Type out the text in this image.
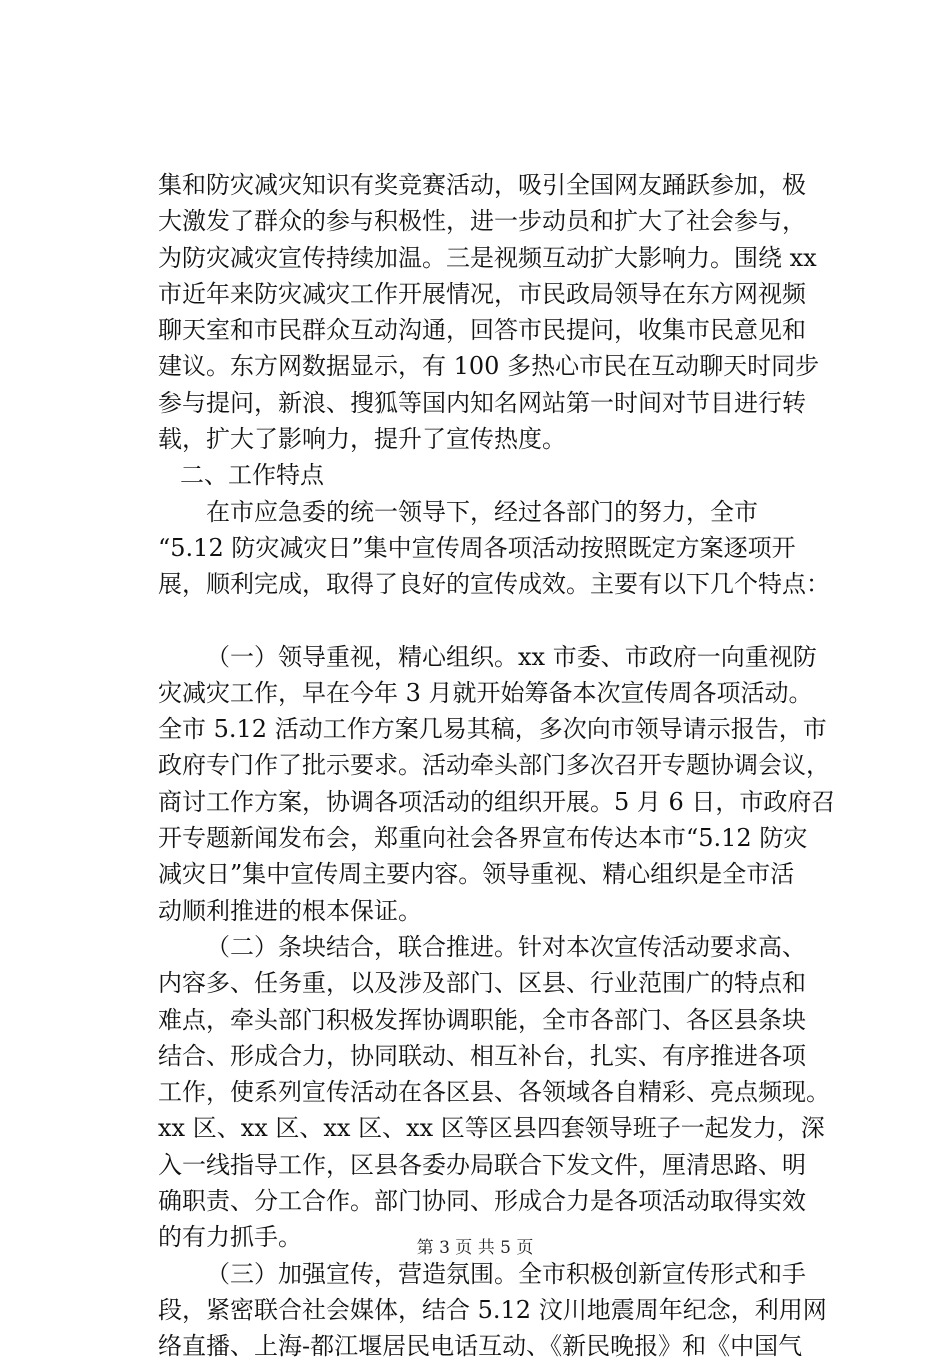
集和防灾减灾知识有奖竞赛活动，吸引全国网友踊跃参加，极
大激发了群众的参与积极性，进一步动员和扩大了社会参与，
为防灾减灾宣传持续加温。三是视频互动扩大影响力。围绕 xx
市近年来防灾减灾工作开展情况，市民政局领导在东方网视频
聊天室和市民群众互动沟通，回答市民提问，收集市民意见和
建议。东方网数据显示，有 100 多热心市民在互动聊天时同步
参与提问，新浪、搜狐等国内知名网站第一时间对节目进行转
载，扩大了影响力，提升了宣传热度。
二、工作特点
在市应急委的统一领导下，经过各部门的努力，全市
“5.12 防灾减灾日”集中宣传周各项活动按照既定方案逐项开
展，顺利完成，取得了良好的宣传成效。主要有以下几个特点：
（一）领导重视，精心组织。xx 市委、市政府一向重视防
灾减灾工作，早在今年 3 月就开始筹备本次宣传周各项活动。
全市 5.12 活动工作方案几易其稿，多次向市领导请示报告，市
政府专门作了批示要求。活动牵头部门多次召开专题协调会议，
商讨工作方案，协调各项活动的组织开展。5 月 6 日，市政府召
开专题新闻发布会，郑重向社会各界宣布传达本市“5.12 防灾
减灾日”集中宣传周主要内容。领导重视、精心组织是全市活
动顺利推进的根本保证。
（二）条块结合，联合推进。针对本次宣传活动要求高、
内容多、任务重，以及涉及部门、区县、行业范围广的特点和
难点，牵头部门积极发挥协调职能，全市各部门、各区县条块
结合、形成合力，协同联动、相互补台，扎实、有序推进各项
工作，使系列宣传活动在各区县、各领域各自精彩、亮点频现。
xx 区、xx 区、xx 区、xx 区等区县四套领导班子一起发力，深
入一线指导工作，区县各委办局联合下发文件，厘清思路、明
确职责、分工合作。部门协同、形成合力是各项活动取得实效
的有力抓手。
（三）加强宣传，营造氛围。全市积极创新宣传形式和手
段，紧密联合社会媒体，结合 5.12 汶川地震周年纪念，利用网
络直播、上海-都江堰居民电话互动、《新民晚报》和《中国气
第 3 页 共 5 页
